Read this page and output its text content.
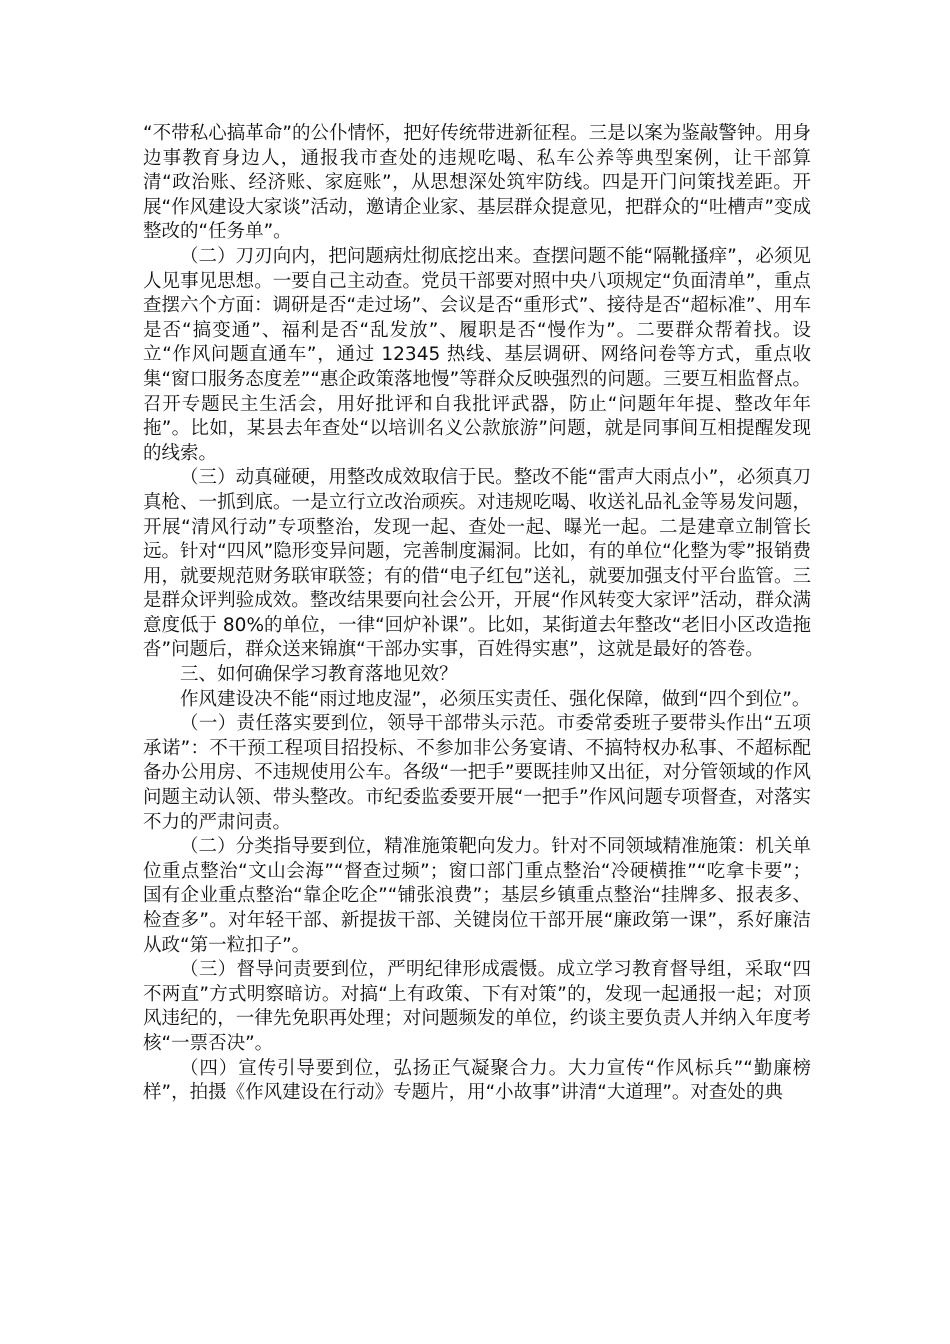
“不带私心搞革命”的公仆情怀，把好传统带进新征程。三是以案为鉴敲警钟。用身边事教育身边人，通报我市查处的违规吃喝、私车公养等典型案例，让干部算清“政治账、经济账、家庭账”，从思想深处筑牢防线。四是开门问策找差距。开展“作风建设大家谈”活动，邀请企业家、基层群众提意见，把群众的“吐槽声”变成整改的“任务单”。

（二）刀刃向内，把问题病灶彻底挖出来。查摆问题不能“隔靴搔痒”，必须见人见事见思想。一要自己主动查。党员干部要对照中央八项规定“负面清单”，重点查摆六个方面：调研是否“走过场”、会议是否“重形式”、接待是否“超标准”、用车是否“搞变通”、福利是否“乱发放”、履职是否“慢作为”。二要群众帮着找。设立“作风问题直通车”，通过 12345 热线、基层调研、网络问卷等方式，重点收集“窗口服务态度差”“惠企政策落地慢”等群众反映强烈的问题。三要互相监督点。召开专题民主生活会，用好批评和自我批评武器，防止“问题年年提、整改年年拖”。比如，某县去年查处“以培训名义公款旅游”问题，就是同事间互相提醒发现的线索。

（三）动真碰硬，用整改成效取信于民。整改不能“雷声大雨点小”，必须真刀真枪、一抓到底。一是立行立改治顽疾。对违规吃喝、收送礼品礼金等易发问题，开展“清风行动”专项整治，发现一起、查处一起、曝光一起。二是建章立制管长远。针对“四风”隐形变异问题，完善制度漏洞。比如，有的单位“化整为零”报销费用，就要规范财务联审联签；有的借“电子红包”送礼，就要加强支付平台监管。三是群众评判验成效。整改结果要向社会公开，开展“作风转变大家评”活动，群众满意度低于 80%的单位，一律“回炉补课”。比如，某街道去年整改“老旧小区改造拖沓”问题后，群众送来锦旗“干部办实事，百姓得实惠”，这就是最好的答卷。

三、如何确保学习教育落地见效？

作风建设决不能“雨过地皮湿”，必须压实责任、强化保障，做到“四个到位”。

（一）责任落实要到位，领导干部带头示范。市委常委班子要带头作出“五项承诺”：不干预工程项目招投标、不参加非公务宴请、不搞特权办私事、不超标配备办公用房、不违规使用公车。各级“一把手”要既挂帅又出征，对分管领域的作风问题主动认领、带头整改。市纪委监委要开展“一把手”作风问题专项督查，对落实不力的严肃问责。

（二）分类指导要到位，精准施策靶向发力。针对不同领域精准施策：机关单位重点整治“文山会海”“督查过频”；窗口部门重点整治“冷硬横推”“吃拿卡要”；国有企业重点整治“靠企吃企”“铺张浪费”；基层乡镇重点整治“挂牌多、报表多、检查多”。对年轻干部、新提拔干部、关键岗位干部开展“廉政第一课”，系好廉洁从政“第一粒扣子”。

（三）督导问责要到位，严明纪律形成震慑。成立学习教育督导组，采取“四不两直”方式明察暗访。对搞“上有政策、下有对策”的，发现一起通报一起；对顶风违纪的，一律先免职再处理；对问题频发的单位，约谈主要负责人并纳入年度考核“一票否决”。

（四）宣传引导要到位，弘扬正气凝聚合力。大力宣传“作风标兵”“勤廉榜样”，拍摄《作风建设在行动》专题片，用“小故事”讲清“大道理”。对查处的典
